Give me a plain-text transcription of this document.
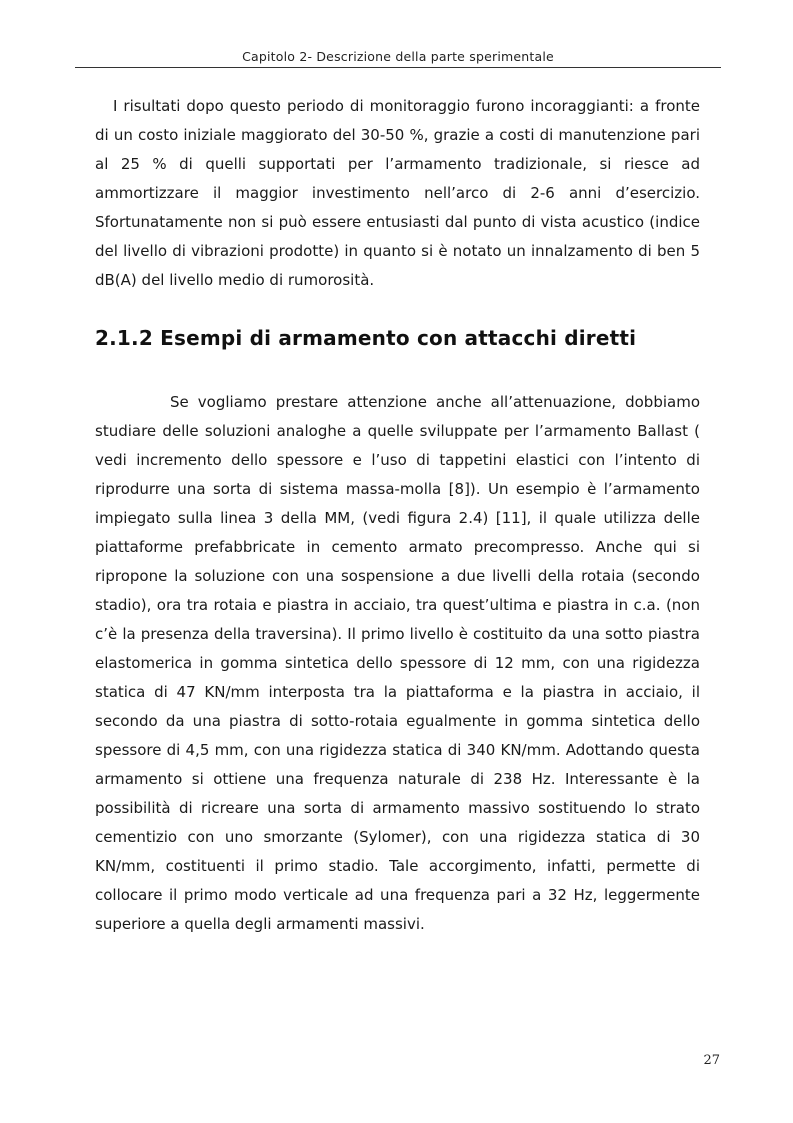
Capitolo 2- Descrizione della parte sperimentale

I risultati dopo questo periodo di monitoraggio furono incoraggianti: a fronte di un costo iniziale maggiorato del 30-50 %, grazie a costi di manutenzione pari al 25 % di quelli supportati per l’armamento tradizionale, si riesce ad ammortizzare il maggior investimento nell’arco di 2-6 anni d’esercizio. Sfortunatamente non si può essere entusiasti dal punto di vista acustico (indice del livello di vibrazioni prodotte) in quanto si è notato un innalzamento di ben 5 dB(A) del livello medio di rumorosità.

2.1.2 Esempi di armamento con attacchi diretti

Se vogliamo prestare attenzione anche all’attenuazione, dobbiamo studiare delle soluzioni analoghe a quelle sviluppate per l’armamento Ballast ( vedi incremento dello spessore e l’uso di tappetini elastici con l’intento di riprodurre una sorta di sistema massa-molla [8]). Un esempio è l’armamento impiegato sulla linea 3 della MM, (vedi figura 2.4) [11], il quale utilizza delle piattaforme prefabbricate in cemento armato precompresso. Anche qui si ripropone la soluzione con una sospensione a due livelli della rotaia (secondo stadio), ora tra rotaia e piastra in acciaio, tra quest’ultima e piastra in c.a. (non c’è la presenza della traversina). Il primo livello è costituito da una sotto piastra elastomerica in gomma sintetica dello spessore di 12 mm, con una rigidezza statica di 47 KN/mm interposta tra la piattaforma e la piastra in acciaio, il secondo da una piastra di sotto-rotaia egualmente in gomma sintetica dello spessore di 4,5 mm, con una rigidezza statica di 340 KN/mm. Adottando questa armamento si ottiene una frequenza naturale di 238 Hz. Interessante è la possibilità di ricreare una sorta di armamento massivo sostituendo lo strato cementizio con uno smorzante (Sylomer), con una rigidezza statica di 30 KN/mm, costituenti il primo stadio. Tale accorgimento, infatti, permette di collocare il primo modo verticale ad una frequenza pari a 32 Hz, leggermente superiore a quella degli armamenti massivi.

27
